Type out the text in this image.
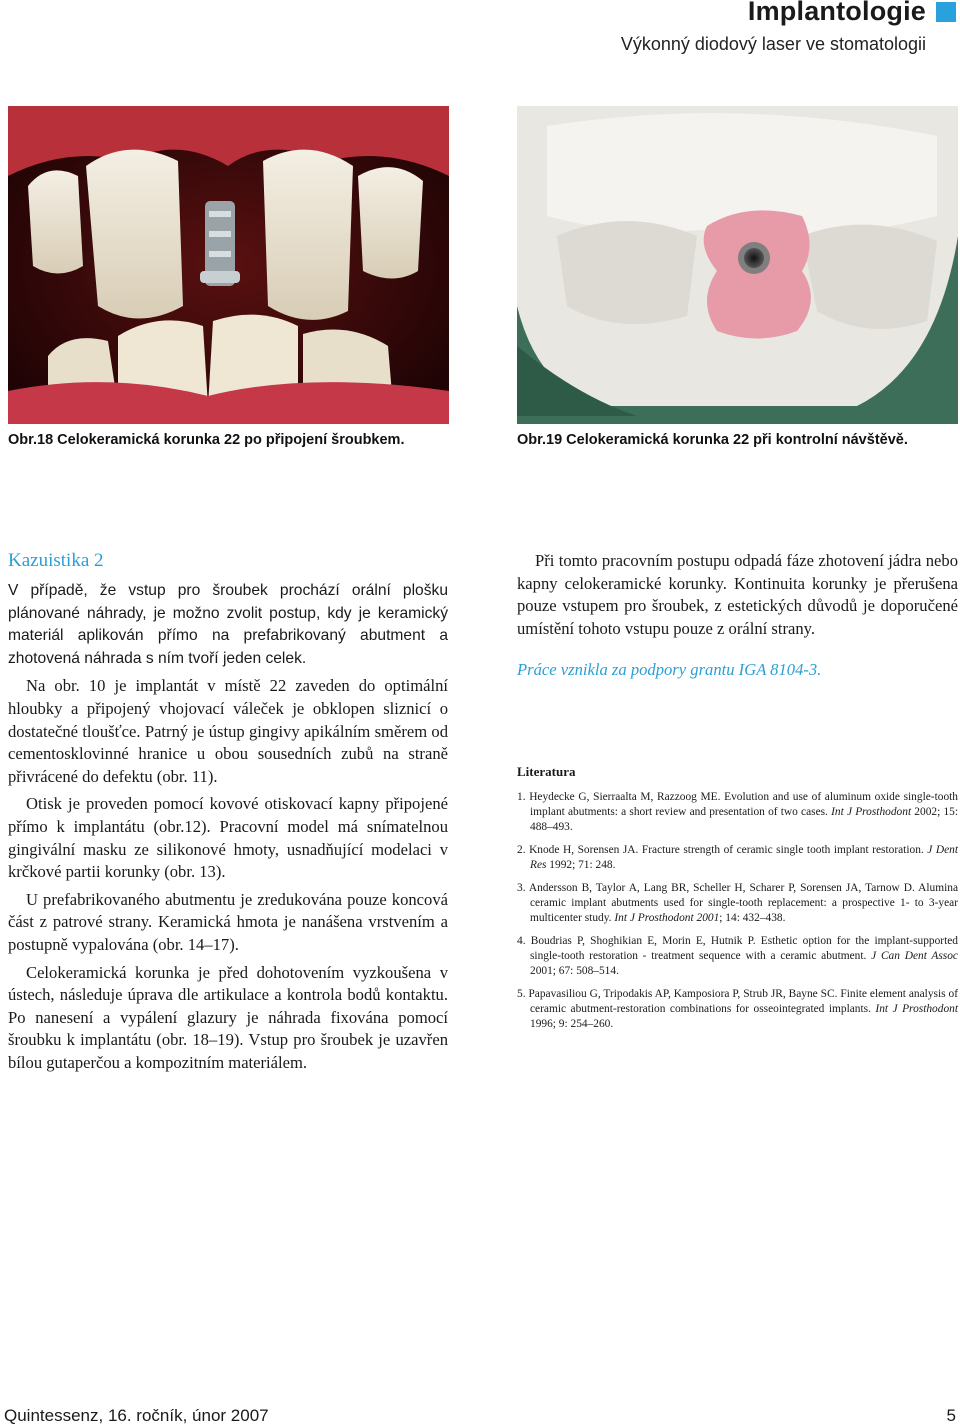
Implantologie
Výkonný diodový laser ve stomatologii
Obr.18 Celokeramická korunka 22 po připojení šroubkem.	Obr.19 Celokeramická korunka 22 při kontrolní návštěvě.
Kazuistika 2

V případě, že vstup pro šroubek prochází orální plošku plánované náhrady, je možno zvolit postup, kdy je keramický materiál aplikován přímo na prefabrikovaný abutment a zhotovená náhrada s ním tvoří jeden celek.

Na obr. 10 je implantát v místě 22 zaveden do optimální hloubky a připojený vhojovací váleček je obklopen sliznicí o dostatečné tloušťce. Patrný je ústup gingivy apikálním směrem od cementosklovinné hranice u obou sousedních zubů na straně přivrácené do defektu (obr. 11).

Otisk je proveden pomocí kovové otiskovací kapny připojené přímo k implantátu (obr.12). Pracovní model má snímatelnou gingivální masku ze silikonové hmoty, usnadňující modelaci v krčkové partii korunky (obr. 13).

U prefabrikovaného abutmentu je zredukována pouze koncová část z patrové strany. Keramická hmota je nanášena vrstvením a postupně vypalována (obr. 14–17).

Celokeramická korunka je před dohotovením vyzkoušena v ústech, následuje úprava dle artikulace a kontrola bodů kontaktu. Po nanesení a vypálení glazury je náhrada fixována pomocí šroubku k implantátu (obr. 18–19). Vstup pro šroubek je uzavřen bílou gutaperčou a kompozitním materiálem.

Při tomto pracovním postupu odpadá fáze zhotovení jádra nebo kapny celokeramické korunky. Kontinuita korunky je přerušena pouze vstupem pro šroubek, z estetických důvodů je doporučené umístění tohoto vstupu pouze z orální strany.

Práce vznikla za podpory grantu IGA 8104-3.

Literatura
1. Heydecke G, Sierraalta M, Razzoog ME. Evolution and use of aluminum oxide single-tooth implant abutments: a short review and presentation of two cases. Int J Prosthodont 2002; 15: 488–493.
2. Knode H, Sorensen JA. Fracture strength of ceramic single tooth implant restoration. J Dent Res 1992; 71: 248.
3. Andersson B, Taylor A, Lang BR, Scheller H, Scharer P, Sorensen JA, Tarnow D. Alumina ceramic implant abutments used for single-tooth replacement: a prospective 1- to 3-year multicenter study. Int J Prosthodont 2001; 14: 432–438.
4. Boudrias P, Shoghikian E, Morin E, Hutnik P. Esthetic option for the implant-supported single-tooth restoration - treatment sequence with a ceramic abutment. J Can Dent Assoc 2001; 67: 508–514.
5. Papavasiliou G, Tripodakis AP, Kamposiora P, Strub JR, Bayne SC. Finite element analysis of ceramic abutment-restoration combinations for osseointegrated implants. Int J Prosthodont 1996; 9: 254–260.
Quintessenz, 16. ročník, únor 2007	5
